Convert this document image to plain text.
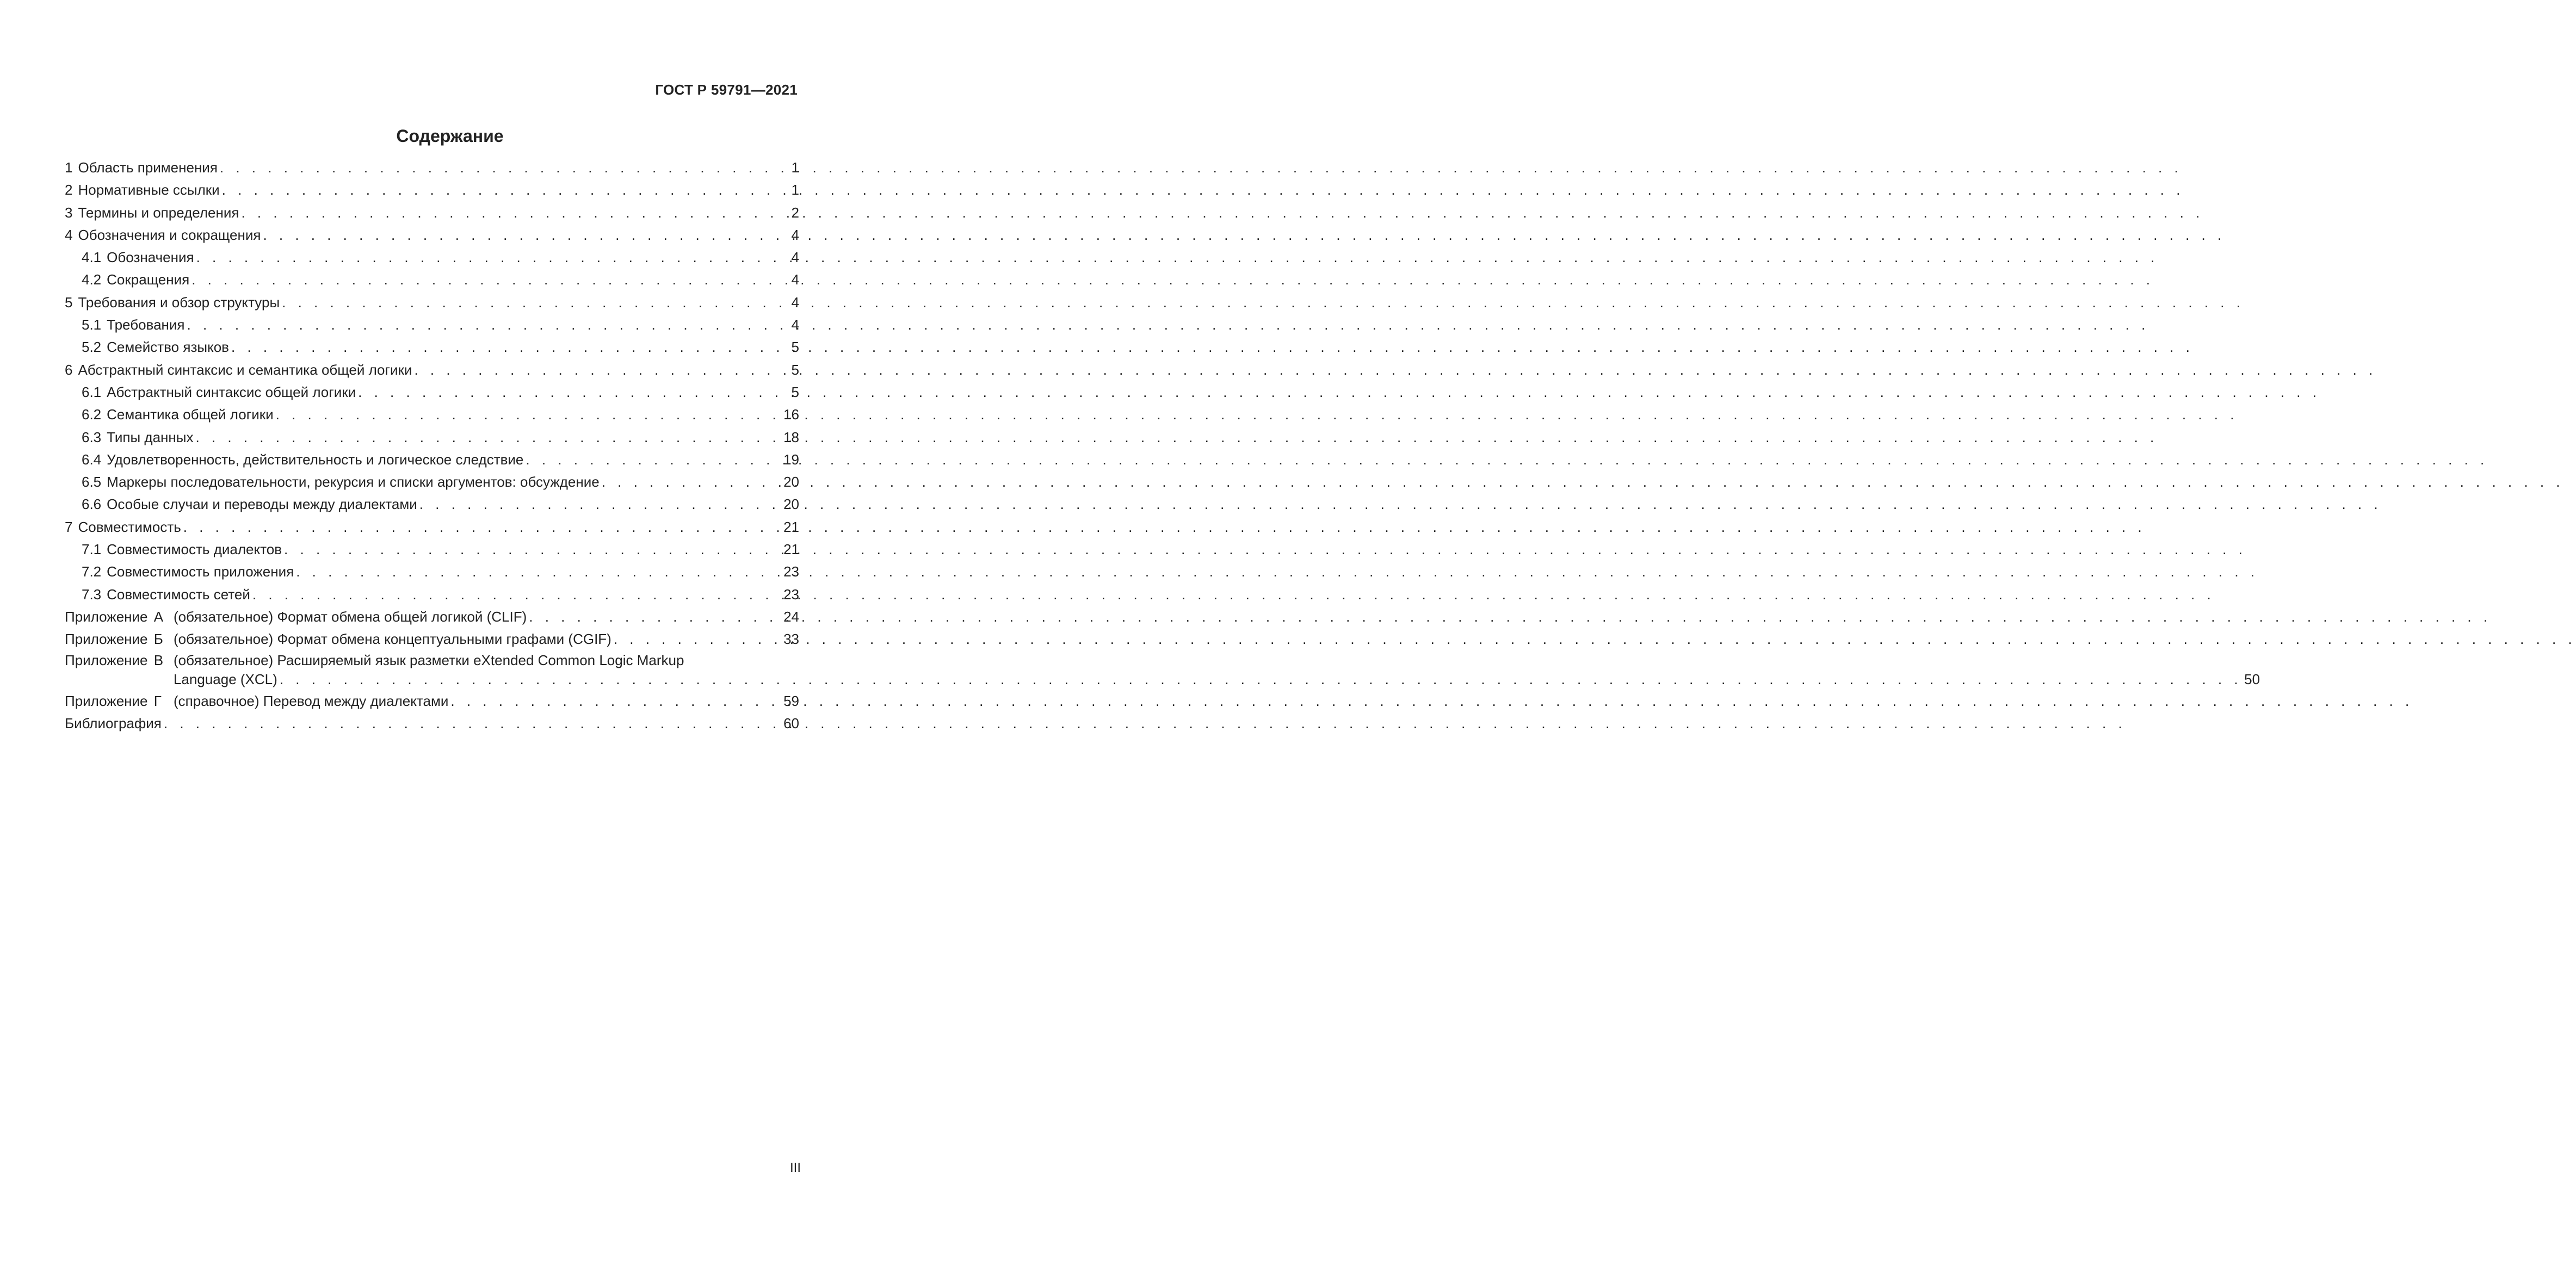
ГОСТ Р 59791—2021
Содержание
1 Область применения . . .	1
2 Нормативные ссылки . . .	1
3 Термины и определения . . .	2
4 Обозначения и сокращения . . .	4
4.1 Обозначения . . .	4
4.2 Сокращения . . .	4
5 Требования и обзор структуры . . .	4
5.1 Требования . . .	4
5.2 Семейство языков . . .	5
6 Абстрактный синтаксис и семантика общей логики . . .	5
6.1 Абстрактный синтаксис общей логики . . .	5
6.2 Семантика общей логики . . .	16
6.3 Типы данных . . .	18
6.4 Удовлетворенность, действительность и логическое следствие . . .	19
6.5 Маркеры последовательности, рекурсия и списки аргументов: обсуждение . . .	20
6.6 Особые случаи и переводы между диалектами . . .	20
7 Совместимость . . .	21
7.1 Совместимость диалектов . . .	21
7.2 Совместимость приложения . . .	23
7.3 Совместимость сетей . . .	23
Приложение А (обязательное) Формат обмена общей логикой (CLIF) . . .	24
Приложение Б (обязательное) Формат обмена концептуальными графами (CGIF) . . .	33
Приложение В (обязательное) Расширяемый язык разметки eXtended Common Logic Markup
Language (XCL) . . .	50
Приложение Г (справочное) Перевод между диалектами . . .	59
Библиография . . .	60
III
